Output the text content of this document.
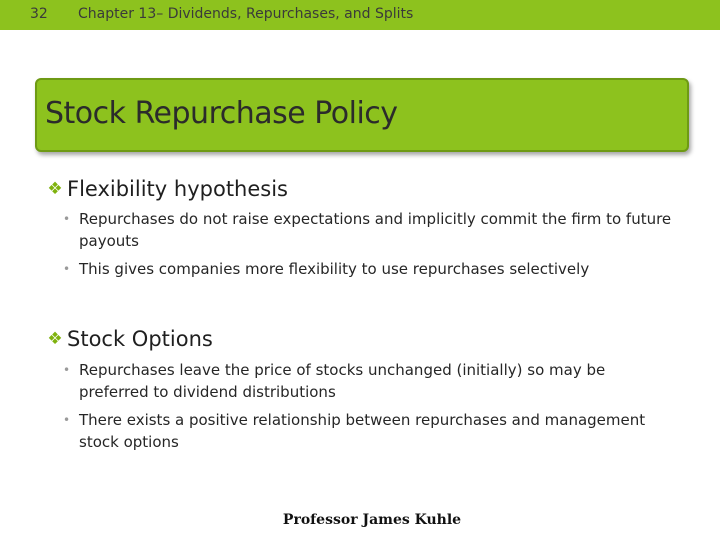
32 Chapter 13– Dividends, Repurchases, and Splits
Stock Repurchase Policy
❖ Flexibility hypothesis
• Repurchases do not raise expectations and implicitly commit the firm to future payouts
• This gives companies more flexibility to use repurchases selectively
❖ Stock Options
• Repurchases leave the price of stocks unchanged (initially) so may be preferred to dividend distributions
• There exists a positive relationship between repurchases and management stock options
Professor James Kuhle
